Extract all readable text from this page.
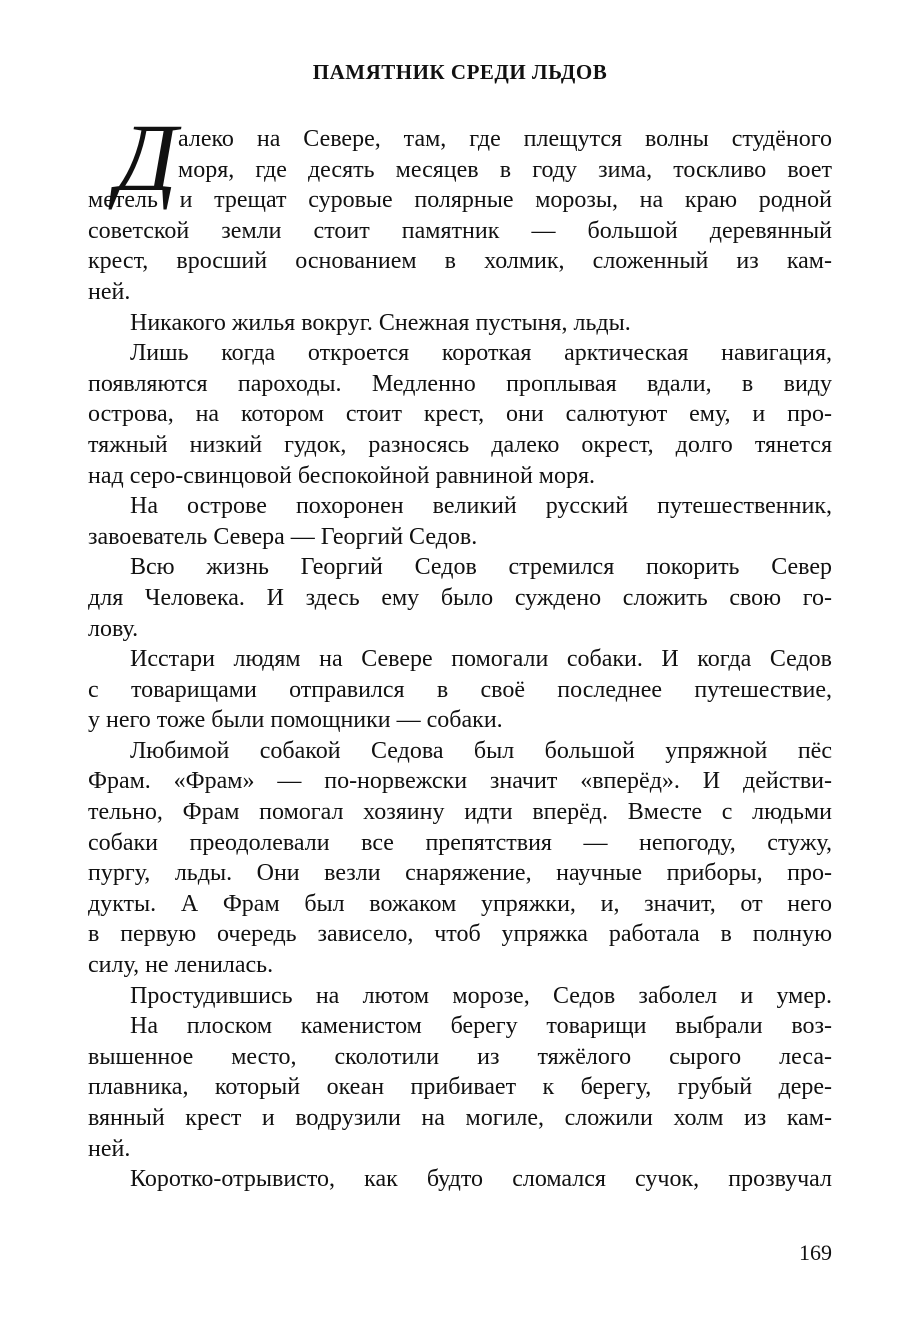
ПАМЯТНИК СРЕДИ ЛЬДОВ
Д алеко на Севере, там, где плещутся волны студёного
моря, где десять месяцев в году зима, тоскливо воет
метель и трещат суровые полярные морозы, на краю родной
советской земли стоит памятник — большой деревянный
крест, вросший основанием в холмик, сложенный из кам-
ней.
Никакого жилья вокруг. Снежная пустыня, льды.
Лишь когда откроется короткая арктическая навигация,
появляются пароходы. Медленно проплывая вдали, в виду
острова, на котором стоит крест, они салютуют ему, и про-
тяжный низкий гудок, разносясь далеко окрест, долго тянется
над серо-свинцовой беспокойной равниной моря.
На острове похоронен великий русский путешественник,
завоеватель Севера — Георгий Седов.
Всю жизнь Георгий Седов стремился покорить Север
для Человека. И здесь ему было суждено сложить свою го-
лову.
Исстари людям на Севере помогали собаки. И когда Седов
с товарищами отправился в своё последнее путешествие,
у него тоже были помощники — собаки.
Любимой собакой Седова был большой упряжной пёс
Фрам. «Фрам» — по-норвежски значит «вперёд». И действи-
тельно, Фрам помогал хозяину идти вперёд. Вместе с людьми
собаки преодолевали все препятствия — непогоду, стужу,
пургу, льды. Они везли снаряжение, научные приборы, про-
дукты. А Фрам был вожаком упряжки, и, значит, от него
в первую очередь зависело, чтоб упряжка работала в полную
силу, не ленилась.
Простудившись на лютом морозе, Седов заболел и умер.
На плоском каменистом берегу товарищи выбрали воз-
вышенное место, сколотили из тяжёлого сырого леса-
плавника, который океан прибивает к берегу, грубый дере-
вянный крест и водрузили на могиле, сложили холм из кам-
ней.
Коротко-отрывисто, как будто сломался сучок, прозвучал
169
